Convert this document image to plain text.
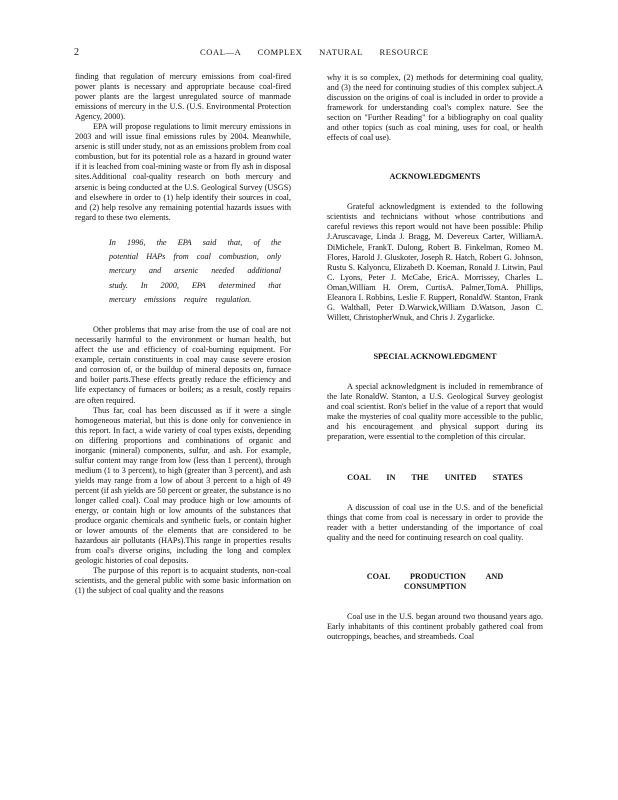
2	COAL—A COMPLEX NATURAL RESOURCE

finding that regulation of mercury emissions from coal-fired power plants is necessary and appropriate because coal-fired power plants are the largest unregulated source of manmade emissions of mercury in the U.S. (U.S. Environmental Protection Agency, 2000).

EPA will propose regulations to limit mercury emissions in 2003 and will issue final emissions rules by 2004. Meanwhile, arsenic is still under study, not as an emissions problem from coal combustion, but for its potential role as a hazard in ground water if it is leached from coal-mining waste or from fly ash in disposal sites.Additional coal-quality research on both mercury and arsenic is being conducted at the U.S. Geological Survey (USGS) and elsewhere in order to (1) help identify their sources in coal, and (2) help resolve any remaining potential hazards issues with regard to these two elements.

In 1996, the EPA said that, of the potential HAPs from coal combustion, only mercury and arsenic needed additional study. In 2000, EPA determined that mercury emissions require regulation.

Other problems that may arise from the use of coal are not necessarily harmful to the environment or human health, but affect the use and efficiency of coal-burning equipment. For example, certain constituents in coal may cause severe erosion and corrosion of, or the buildup of mineral deposits on, furnace and boiler parts.These effects greatly reduce the efficiency and life expectancy of furnaces or boilers; as a result, costly repairs are often required.

Thus far, coal has been discussed as if it were a single homogeneous material, but this is done only for convenience in this report. In fact, a wide variety of coal types exists, depending on differing proportions and combinations of organic and inorganic (mineral) components, sulfur, and ash. For example, sulfur content may range from low (less than 1 percent), through medium (1 to 3 percent), to high (greater than 3 percent), and ash yields may range from a low of about 3 percent to a high of 49 percent (if ash yields are 50 percent or greater, the substance is no longer called coal). Coal may produce high or low amounts of energy, or contain high or low amounts of the substances that produce organic chemicals and synthetic fuels, or contain higher or lower amounts of the elements that are considered to be hazardous air pollutants (HAPs).This range in properties results from coal's diverse origins, including the long and complex geologic histories of coal deposits.

The purpose of this report is to acquaint students, non-coal scientists, and the general public with some basic information on (1) the subject of coal quality and the reasons

why it is so complex, (2) methods for determining coal quality, and (3) the need for continuing studies of this complex subject.A discussion on the origins of coal is included in order to provide a framework for understanding coal's complex nature. See the section on "Further Reading" for a bibliography on coal quality and other topics (such as coal mining, uses for coal, or health effects of coal use).

ACKNOWLEDGMENTS

Grateful acknowledgment is extended to the following scientists and technicians without whose contributions and careful reviews this report would not have been possible: Philip J.Aruscavage, Linda J. Bragg, M. Devereux Carter, WilliamA. DiMichele, FrankT. Dulong, Robert B. Finkelman, Romeo M. Flores, Harold J. Gluskoter, Joseph R. Hatch, Robert G. Johnson, Rustu S. Kalyoncu, Elizabeth D. Koeman, Ronald J. Litwin, Paul C. Lyons, Peter J. McCabe, EricA. Morrissey, Charles L. Oman,William H. Orem, CurtisA. Palmer,TomA. Phillips, Eleanora I. Robbins, Leslie F. Ruppert, RonaldW. Stanton, Frank G. Walthall, Peter D.Warwick,William D.Watson, Jason C. Willett, ChristopherWnuk, and Chris J. Zygarlicke.

SPECIAL ACKNOWLEDGMENT

A special acknowledgment is included in remembrance of the late RonaldW. Stanton, a U.S. Geological Survey geologist and coal scientist. Ron's belief in the value of a report that would make the mysteries of coal quality more accessible to the public, and his encouragement and physical support during its preparation, were essential to the completion of this circular.

COAL IN THE UNITED STATES

A discussion of coal use in the U.S. and of the beneficial things that come from coal is necessary in order to provide the reader with a better understanding of the importance of coal quality and the need for continuing research on coal quality.

COAL PRODUCTION AND CONSUMPTION

Coal use in the U.S. began around two thousand years ago. Early inhabitants of this continent probably gathered coal from outcroppings, beaches, and streambeds. Coal
